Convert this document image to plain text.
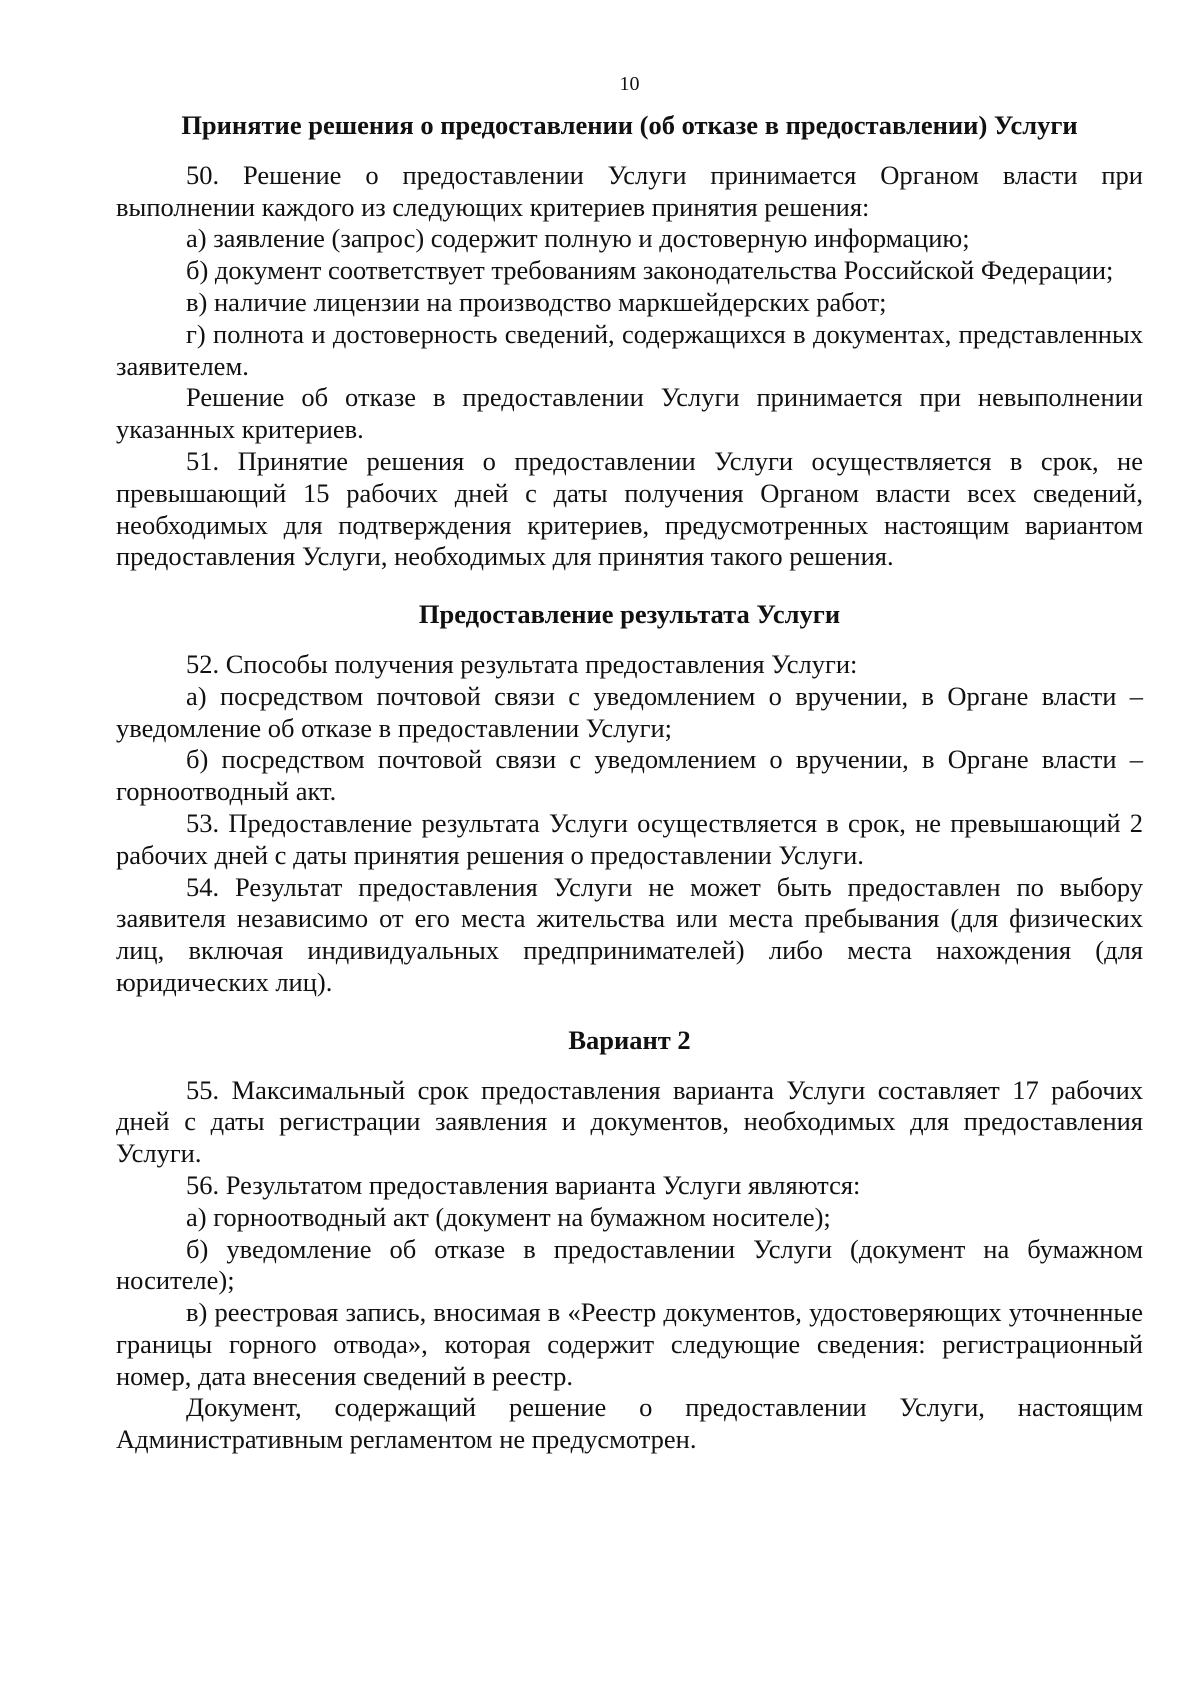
10
Принятие решения о предоставлении (об отказе в предоставлении) Услуги

50. Решение о предоставлении Услуги принимается Органом власти при выполнении каждого из следующих критериев принятия решения:

а) заявление (запрос) содержит полную и достоверную информацию;

б) документ соответствует требованиям законодательства Российской Федерации;

в) наличие лицензии на производство маркшейдерских работ;

г) полнота и достоверность сведений, содержащихся в документах, представленных заявителем.

Решение об отказе в предоставлении Услуги принимается при невыполнении указанных критериев.

51. Принятие решения о предоставлении Услуги осуществляется в срок, не превышающий 15 рабочих дней с даты получения Органом власти всех сведений, необходимых для подтверждения критериев, предусмотренных настоящим вариантом предоставления Услуги, необходимых для принятия такого решения.

Предоставление результата Услуги

52. Способы получения результата предоставления Услуги:

а) посредством почтовой связи с уведомлением о вручении, в Органе власти – уведомление об отказе в предоставлении Услуги;

б) посредством почтовой связи с уведомлением о вручении, в Органе власти – горноотводный акт.

53. Предоставление результата Услуги осуществляется в срок, не превышающий 2 рабочих дней с даты принятия решения о предоставлении Услуги.

54. Результат предоставления Услуги не может быть предоставлен по выбору заявителя независимо от его места жительства или места пребывания (для физических лиц, включая индивидуальных предпринимателей) либо места нахождения (для юридических лиц).

Вариант 2

55. Максимальный срок предоставления варианта Услуги составляет 17 рабочих дней с даты регистрации заявления и документов, необходимых для предоставления Услуги.

56. Результатом предоставления варианта Услуги являются:

а) горноотводный акт (документ на бумажном носителе);

б) уведомление об отказе в предоставлении Услуги (документ на бумажном носителе);

в) реестровая запись, вносимая в «Реестр документов, удостоверяющих уточненные границы горного отвода», которая содержит следующие сведения: регистрационный номер, дата внесения сведений в реестр.

Документ, содержащий решение о предоставлении Услуги, настоящим Административным регламентом не предусмотрен.
